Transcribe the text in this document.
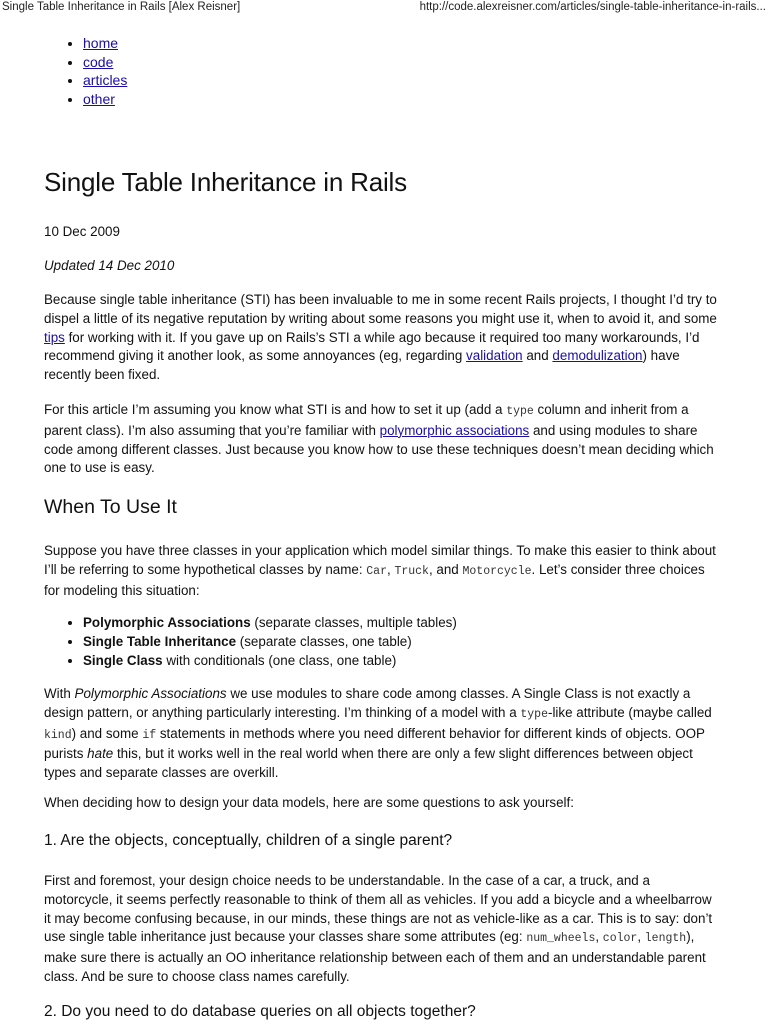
Single Table Inheritance in Rails [Alex Reisner]	http://code.alexreisner.com/articles/single-table-inheritance-in-rails...
• home
• code
• articles
• other
Single Table Inheritance in Rails

10 Dec 2009

Updated 14 Dec 2010

Because single table inheritance (STI) has been invaluable to me in some recent Rails projects, I thought I’d try to dispel a little of its negative reputation by writing about some reasons you might use it, when to avoid it, and some tips for working with it. If you gave up on Rails’s STI a while ago because it required too many workarounds, I’d recommend giving it another look, as some annoyances (eg, regarding validation and demodulization) have recently been fixed.

For this article I’m assuming you know what STI is and how to set it up (add a type column and inherit from a parent class). I’m also assuming that you’re familiar with polymorphic associations and using modules to share code among different classes. Just because you know how to use these techniques doesn’t mean deciding which one to use is easy.

When To Use It

Suppose you have three classes in your application which model similar things. To make this easier to think about I’ll be referring to some hypothetical classes by name: Car, Truck, and Motorcycle. Let’s consider three choices for modeling this situation:

• Polymorphic Associations (separate classes, multiple tables)
• Single Table Inheritance (separate classes, one table)
• Single Class with conditionals (one class, one table)

With Polymorphic Associations we use modules to share code among classes. A Single Class is not exactly a design pattern, or anything particularly interesting. I’m thinking of a model with a type-like attribute (maybe called kind) and some if statements in methods where you need different behavior for different kinds of objects. OOP purists hate this, but it works well in the real world when there are only a few slight differences between object types and separate classes are overkill.

When deciding how to design your data models, here are some questions to ask yourself:

1. Are the objects, conceptually, children of a single parent?

First and foremost, your design choice needs to be understandable. In the case of a car, a truck, and a motorcycle, it seems perfectly reasonable to think of them all as vehicles. If you add a bicycle and a wheelbarrow it may become confusing because, in our minds, these things are not as vehicle-like as a car. This is to say: don’t use single table inheritance just because your classes share some attributes (eg: num_wheels, color, length), make sure there is actually an OO inheritance relationship between each of them and an understandable parent class. And be sure to choose class names carefully.

2. Do you need to do database queries on all objects together?
